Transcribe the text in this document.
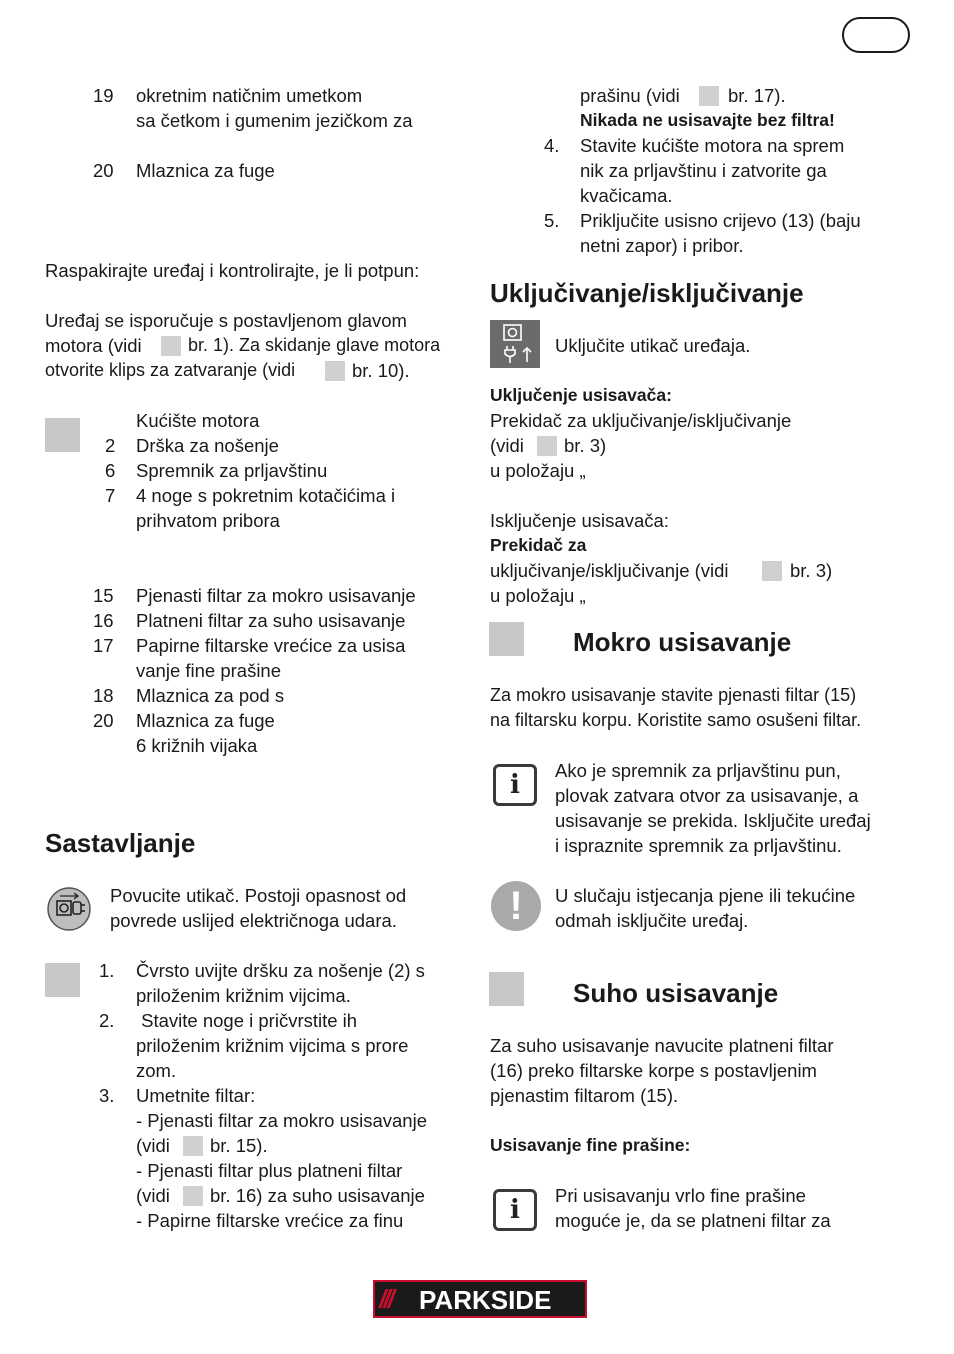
19 okretnim natičnim umetkom
sa četkom i gumenim jezičkom za
20 Mlaznica za fuge
Raspakirajte uređaj i kontrolirajte, je li potpun:
Uređaj se isporučuje s postavljenom glavom
motora (vidi	br. 1). Za skidanje glave motora
otvorite klips za zatvaranje (vidi	br. 10).
Kućište motora
2 Drška za nošenje
6 Spremnik za prljavštinu
7 4 noge s pokretnim kotačićima i
prihvatom pribora
15 Pjenasti filtar za mokro usisavanje
16 Platneni filtar za suho usisavanje
17 Papirne filtarske vrećice za usisa
vanje fine prašine
18 Mlaznica za pod s
20 Mlaznica za fuge
6 križnih vijaka
Sastavljanje
Povucite utikač. Postoji opasnost od
povrede uslijed električnoga udara.
1. Čvrsto uvijte dršku za nošenje (2) s
priloženim križnim vijcima.
2. Stavite noge i pričvrstite ih
priloženim križnim vijcima s prore
zom.
3. Umetnite filtar:
- Pjenasti filtar za mokro usisavanje
(vidi br. 15).
- Pjenasti filtar plus platneni filtar
(vidi br. 16) za suho usisavanje
- Papirne filtarske vrećice za finu
prašinu (vidi	br. 17).
Nikada ne usisavajte bez filtra!
4. Stavite kućište motora na sprem
nik za prljavštinu i zatvorite ga
kvačicama.
5. Priključite usisno crijevo (13) (baju
netni zapor) i pribor.
Uključivanje/isključivanje
Uključite utikač uređaja.
Uključenje usisavača:
Prekidač za uključivanje/isključivanje
(vidi br. 3)
u položaju „
Isključenje usisavača:
Prekidač za
uključivanje/isključivanje (vidi	br. 3)
u položaju „
Mokro usisavanje
Za mokro usisavanje stavite pjenasti filtar (15)
na filtarsku korpu. Koristite samo osušeni filtar.
i	Ako je spremnik za prljavštinu pun,
plovak zatvara otvor za usisavanje, a
usisavanje se prekida. Isključite uređaj
i ispraznite spremnik za prljavštinu.
!	U slučaju istjecanja pjene ili tekućine
odmah isključite uređaj.
Suho usisavanje
Za suho usisavanje navucite platneni filtar
(16) preko filtarske korpe s postavljenim
pjenastim filtarom (15).
Usisavanje fine prašine:
i	Pri usisavanju vrlo fine prašine
moguće je, da se platneni filtar za
/// PARKSIDE
